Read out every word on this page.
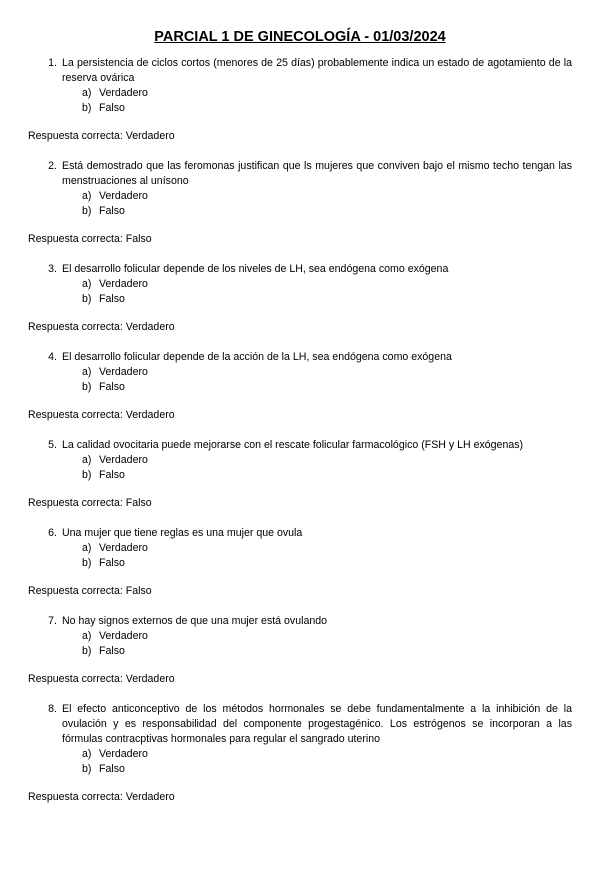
PARCIAL 1 DE GINECOLOGÍA - 01/03/2024
1. La persistencia de ciclos cortos (menores de 25 días) probablemente indica un estado de agotamiento de la reserva ovárica
a) Verdadero
b) Falso
Respuesta correcta: Verdadero
2. Está demostrado que las feromonas justifican que ls mujeres que conviven bajo el mismo techo tengan las menstruaciones al unísono
a) Verdadero
b) Falso
Respuesta correcta: Falso
3. El desarrollo folicular depende de los niveles de LH, sea endógena como exógena
a) Verdadero
b) Falso
Respuesta correcta: Verdadero
4. El desarrollo folicular depende de la acción de la LH, sea endógena como exógena
a) Verdadero
b) Falso
Respuesta correcta: Verdadero
5. La calidad ovocitaria puede mejorarse con el rescate folicular farmacológico (FSH y LH exógenas)
a) Verdadero
b) Falso
Respuesta correcta: Falso
6. Una mujer que tiene reglas es una mujer que ovula
a) Verdadero
b) Falso
Respuesta correcta: Falso
7. No hay signos externos de que una mujer está ovulando
a) Verdadero
b) Falso
Respuesta correcta: Verdadero
8. El efecto anticonceptivo de los métodos hormonales se debe fundamentalmente a la inhibición de la ovulación y es responsabilidad del componente progestagénico. Los estrógenos se incorporan a las fórmulas contracptivas hormonales para regular el sangrado uterino
a) Verdadero
b) Falso
Respuesta correcta: Verdadero
